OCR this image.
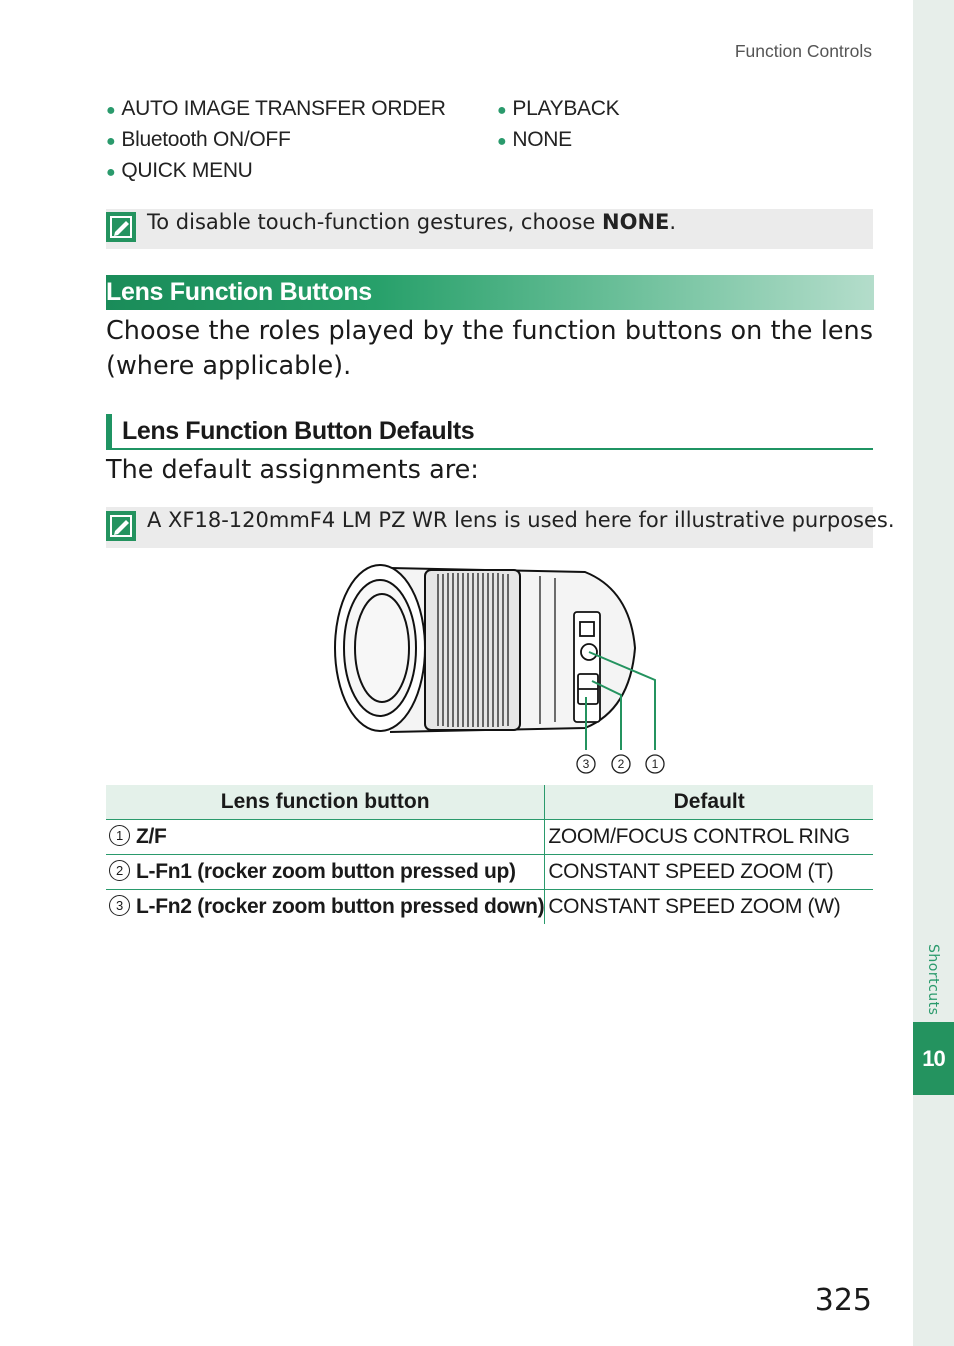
Shortcuts
10
Function Controls
● AUTO IMAGE TRANSFER ORDER
● Bluetooth ON/OFF
● QUICK MENU
● PLAYBACK
● NONE
To disable touch-function gestures, choose NONE.
Lens Function Buttons
Choose the roles played by the function buttons on the lens (where applicable).
Lens Function Button Defaults
The default assignments are:
A XF18-120mmF4 LM PZ WR lens is used here for illustrative purposes.
3 2 1
Lens function button	Default
1 Z/F	ZOOM/FOCUS CONTROL RING
2 L-Fn1 (rocker zoom button pressed up)	CONSTANT SPEED ZOOM (T)
3 L-Fn2 (rocker zoom button pressed down)	CONSTANT SPEED ZOOM (W)
325
